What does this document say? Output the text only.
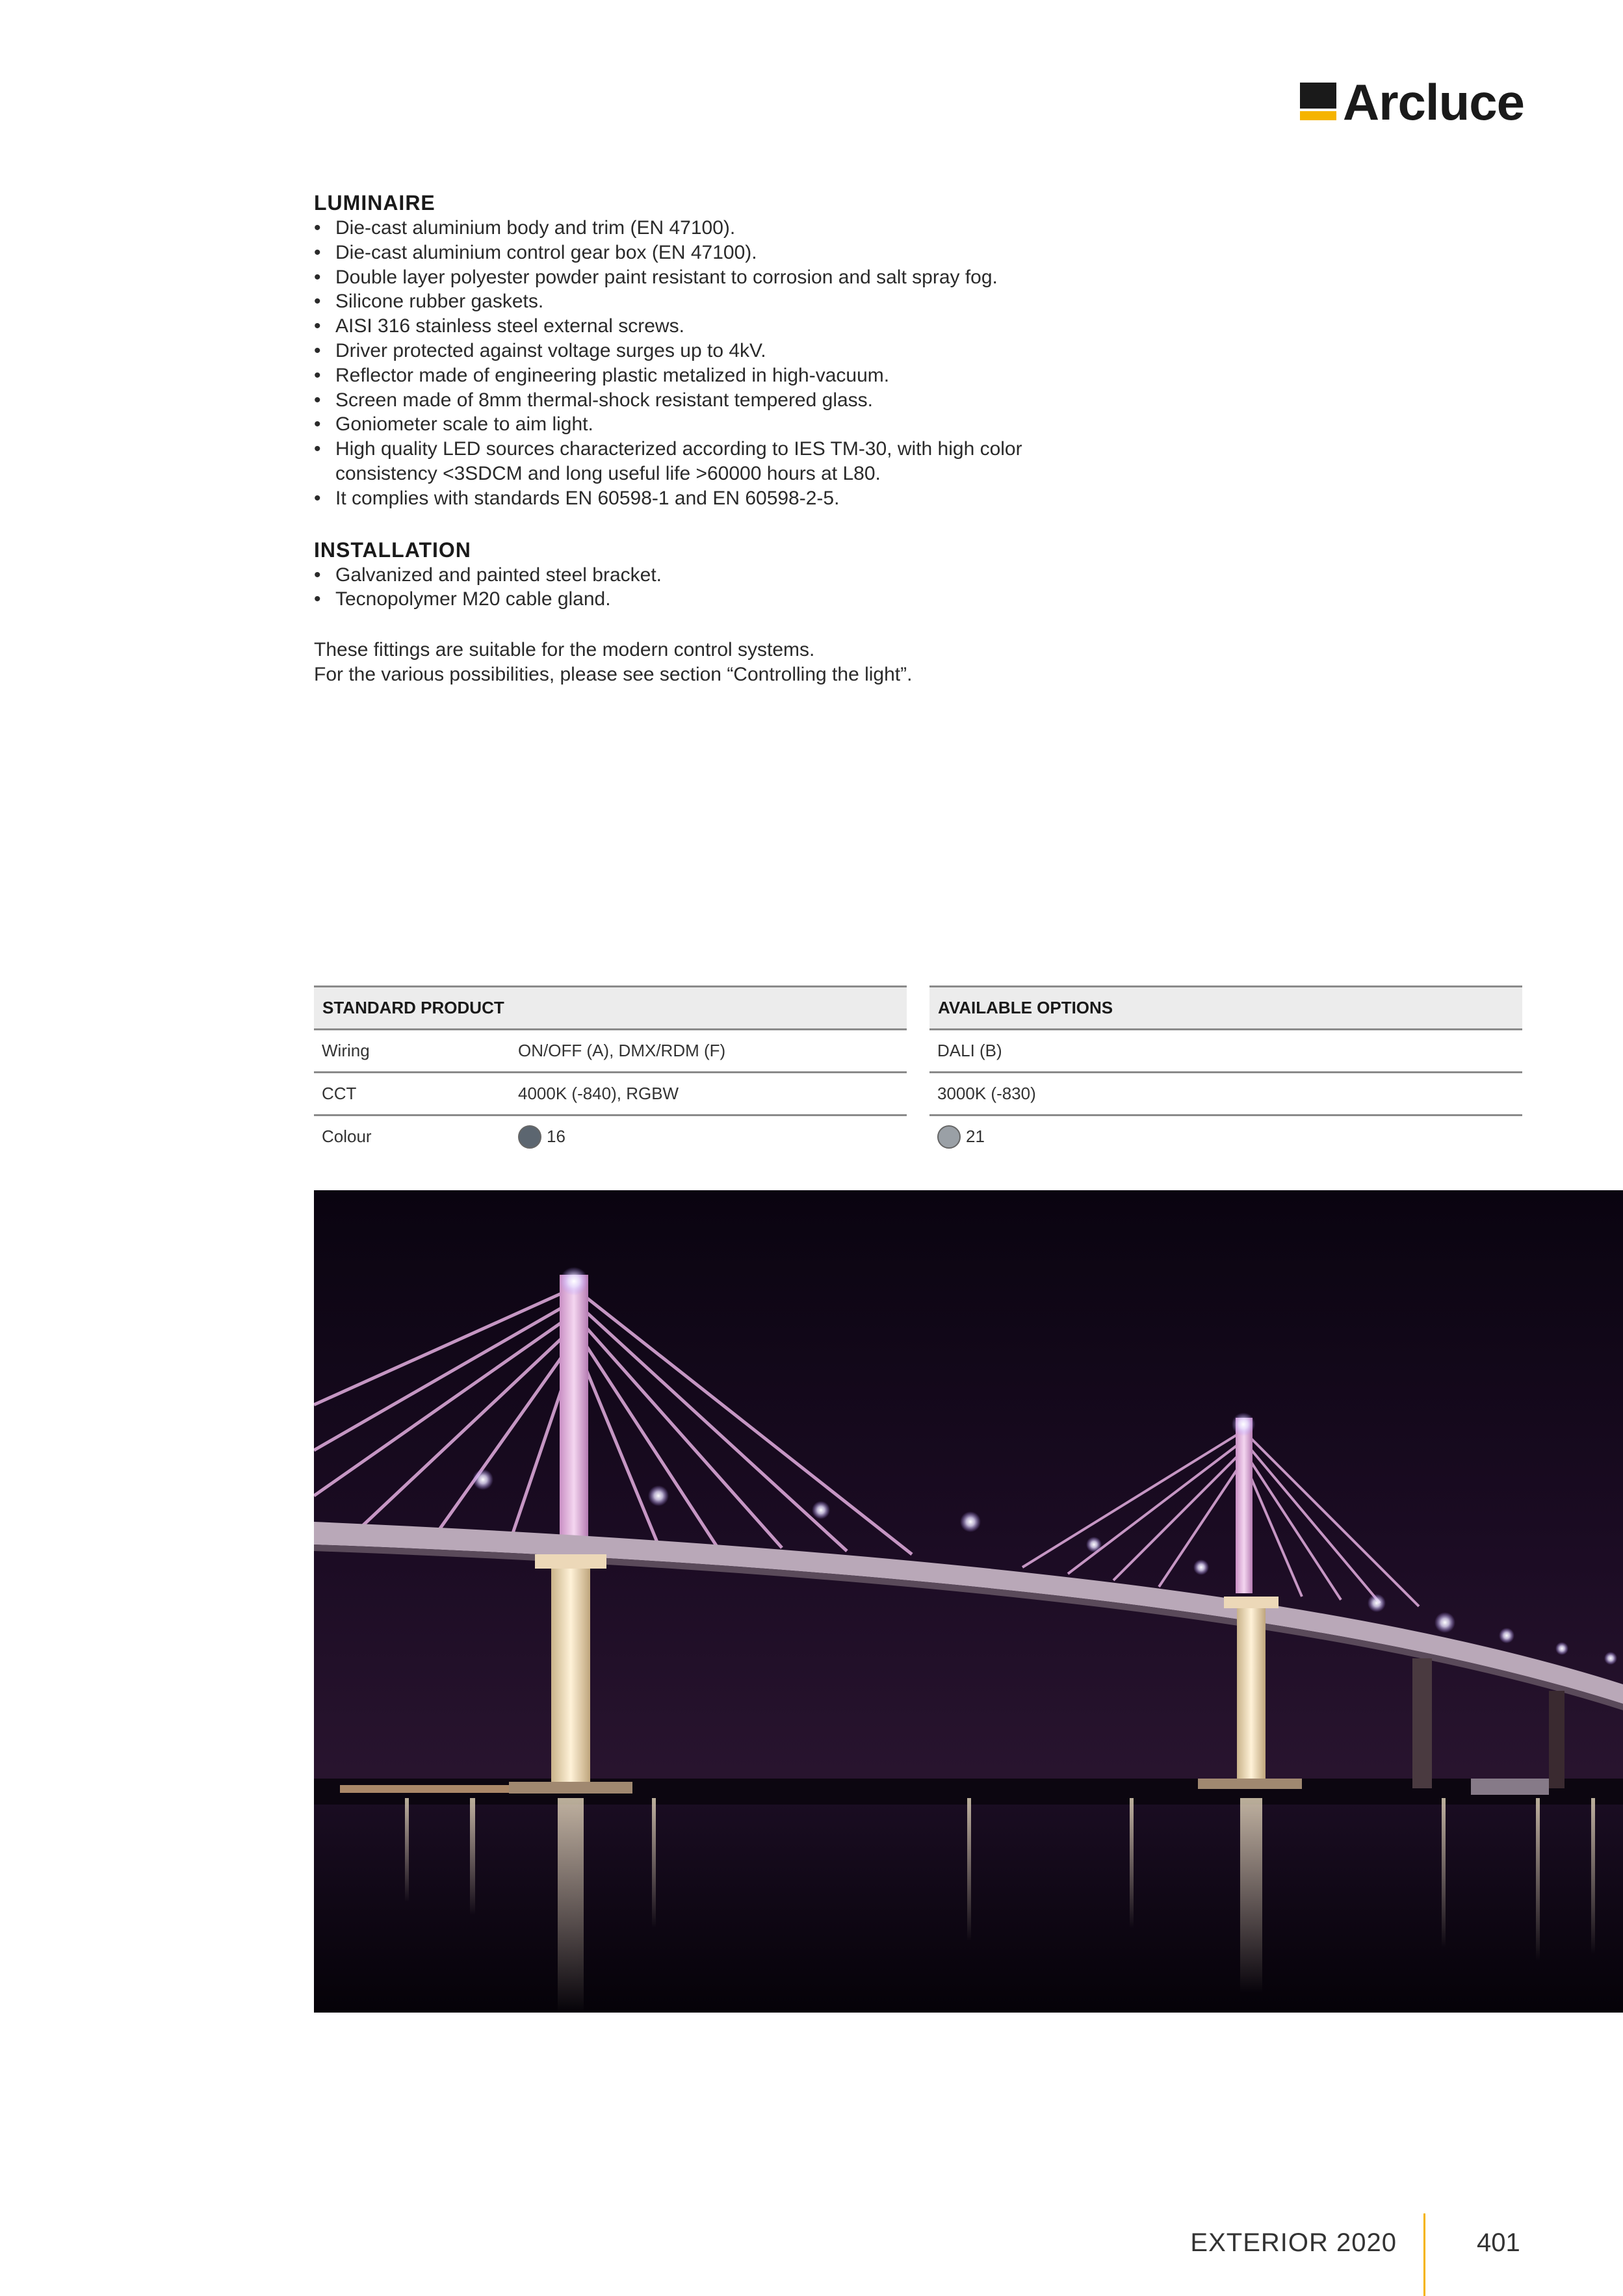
Arcluce
LUMINAIRE
• Die-cast aluminium body and trim (EN 47100).
• Die-cast aluminium control gear box (EN 47100).
• Double layer polyester powder paint resistant to corrosion and salt spray fog.
• Silicone rubber gaskets.
• AISI 316 stainless steel external screws.
• Driver protected against voltage surges up to 4kV.
• Reflector made of engineering plastic metalized in high-vacuum.
• Screen made of 8mm thermal-shock resistant tempered glass.
• Goniometer scale to aim light.
• High quality LED sources characterized according to IES TM-30, with high color consistency <3SDCM and long useful life >60000 hours at L80.
• It complies with standards EN 60598-1 and EN 60598-2-5.
INSTALLATION
• Galvanized and painted steel bracket.
• Tecnopolymer M20 cable gland.

These fittings are suitable for the modern control systems.

For the various possibilities, please see section “Controlling the light”.

STANDARD PRODUCT
Wiring	ON/OFF (A), DMX/RDM (F)
CCT	4000K (-840), RGBW
Colour	16
AVAILABLE OPTIONS
DALI (B)
3000K (-830)
21
EXTERIOR 2020	401
